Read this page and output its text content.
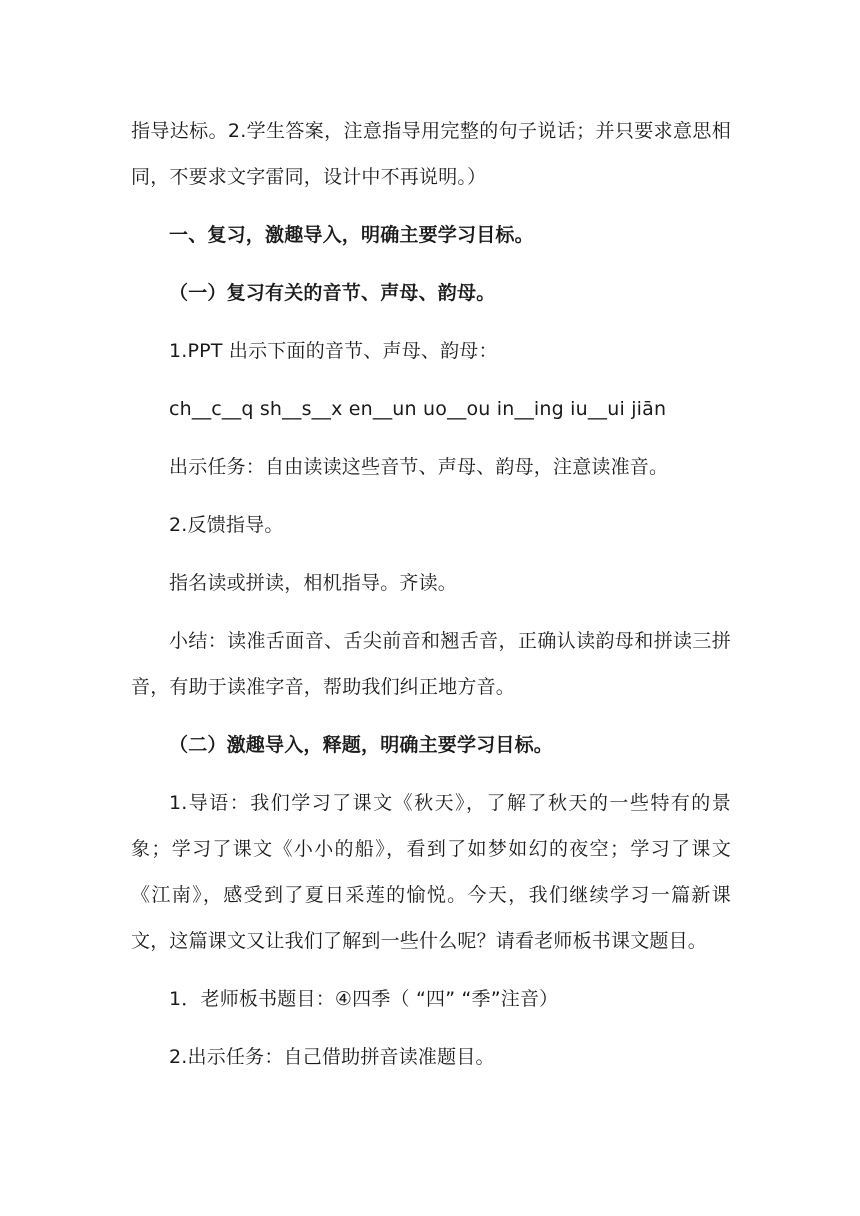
指导达标。2.学生答案，注意指导用完整的句子说话；并只要求意思相同，不要求文字雷同，设计中不再说明。）

一、复习，激趣导入，明确主要学习目标。

（一）复习有关的音节、声母、韵母。

1.PPT 出示下面的音节、声母、韵母：

ch__c__q sh__s__x en__un uo__ou in__ing iu__ui jiān

出示任务：自由读读这些音节、声母、韵母，注意读准音。

2.反馈指导。

指名读或拼读，相机指导。齐读。

小结：读准舌面音、舌尖前音和翘舌音，正确认读韵母和拼读三拼音，有助于读准字音，帮助我们纠正地方音。

（二）激趣导入，释题，明确主要学习目标。

1.导语：我们学习了课文《秋天》，了解了秋天的一些特有的景象；学习了课文《小小的船》，看到了如梦如幻的夜空；学习了课文《江南》，感受到了夏日采莲的愉悦。今天，我们继续学习一篇新课文，这篇课文又让我们了解到一些什么呢？请看老师板书课文题目。

1．老师板书题目：④四季（ “四” “季”注音）

2.出示任务：自己借助拼音读准题目。
